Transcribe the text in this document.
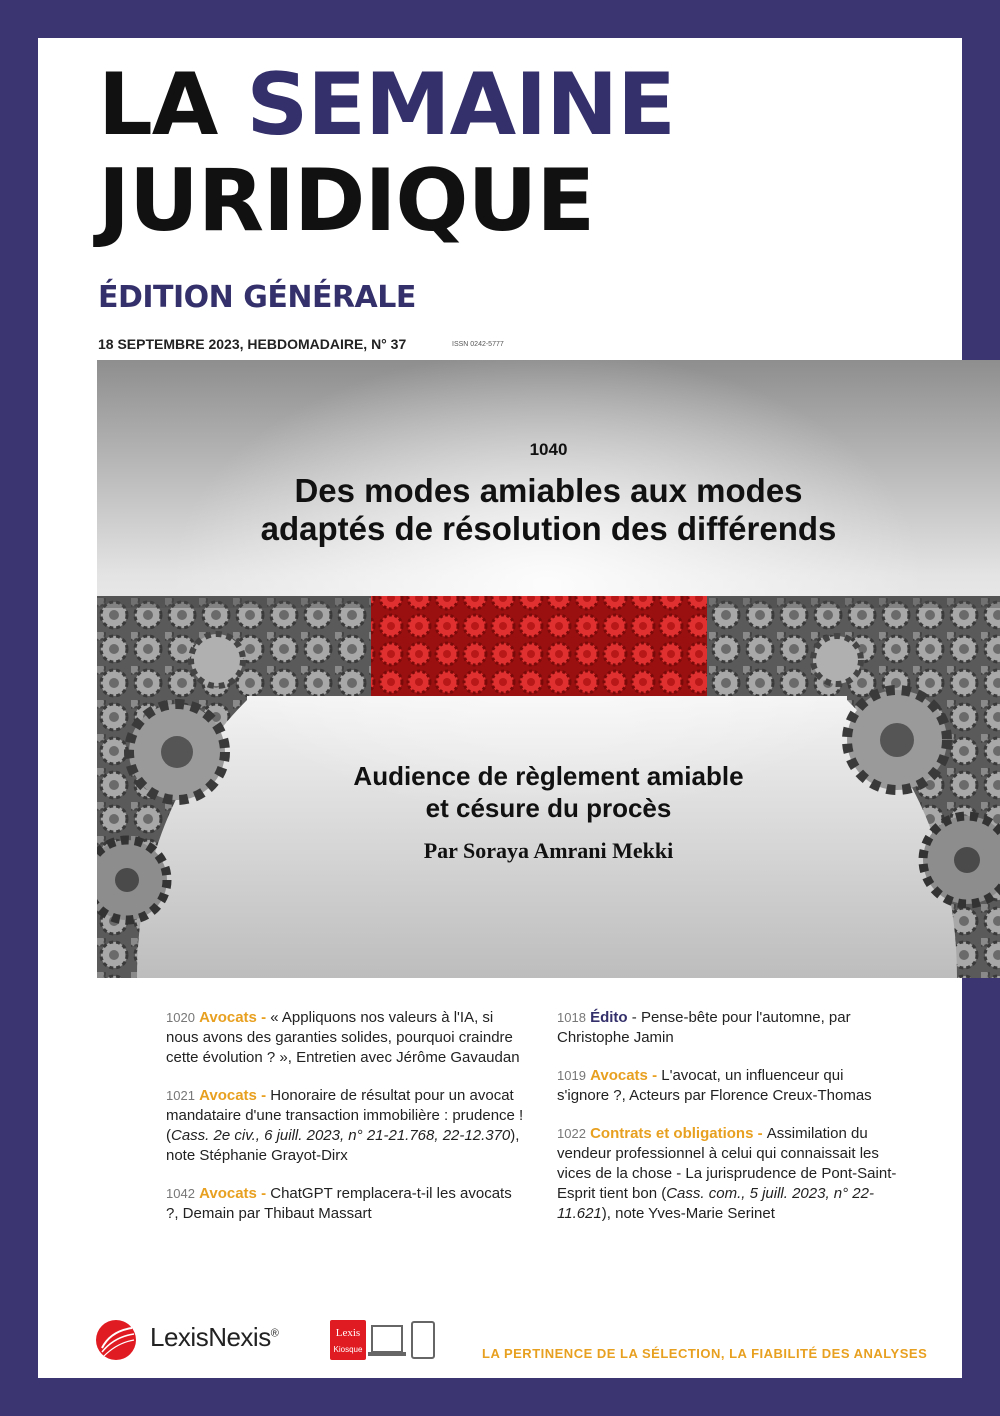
LA SEMAINE
JURIDIQUE
ÉDITION GÉNÉRALE
18 SEPTEMBRE 2023, HEBDOMADAIRE, N° 37	ISSN 0242-5777
1040
Des modes amiables aux modes
adaptés de résolution des différends
Audience de règlement amiable
et césure du procès
Par Soraya Amrani Mekki
1020 Avocats - « Appliquons nos valeurs à l'IA, si nous avons des garanties solides, pourquoi craindre cette évolution ? », Entretien avec Jérôme Gavaudan
1021 Avocats - Honoraire de résultat pour un avocat mandataire d'une transaction immobilière : prudence ! (Cass. 2e civ., 6 juill. 2023, n° 21-21.768, 22-12.370), note Stéphanie Grayot-Dirx
1042 Avocats - ChatGPT remplacera-t-il les avocats ?, Demain par Thibaut Massart
1018 Édito - Pense-bête pour l'automne, par Christophe Jamin
1019 Avocats - L'avocat, un influenceur qui s'ignore ?, Acteurs par Florence Creux-Thomas
1022 Contrats et obligations - Assimilation du vendeur professionnel à celui qui connaissait les vices de la chose - La jurisprudence de Pont-Saint-Esprit tient bon (Cass. com., 5 juill. 2023, n° 22-11.621), note Yves-Marie Serinet
LexisNexis®	Lexis
Kiosque	LA PERTINENCE DE LA SÉLECTION, LA FIABILITÉ DES ANALYSES
